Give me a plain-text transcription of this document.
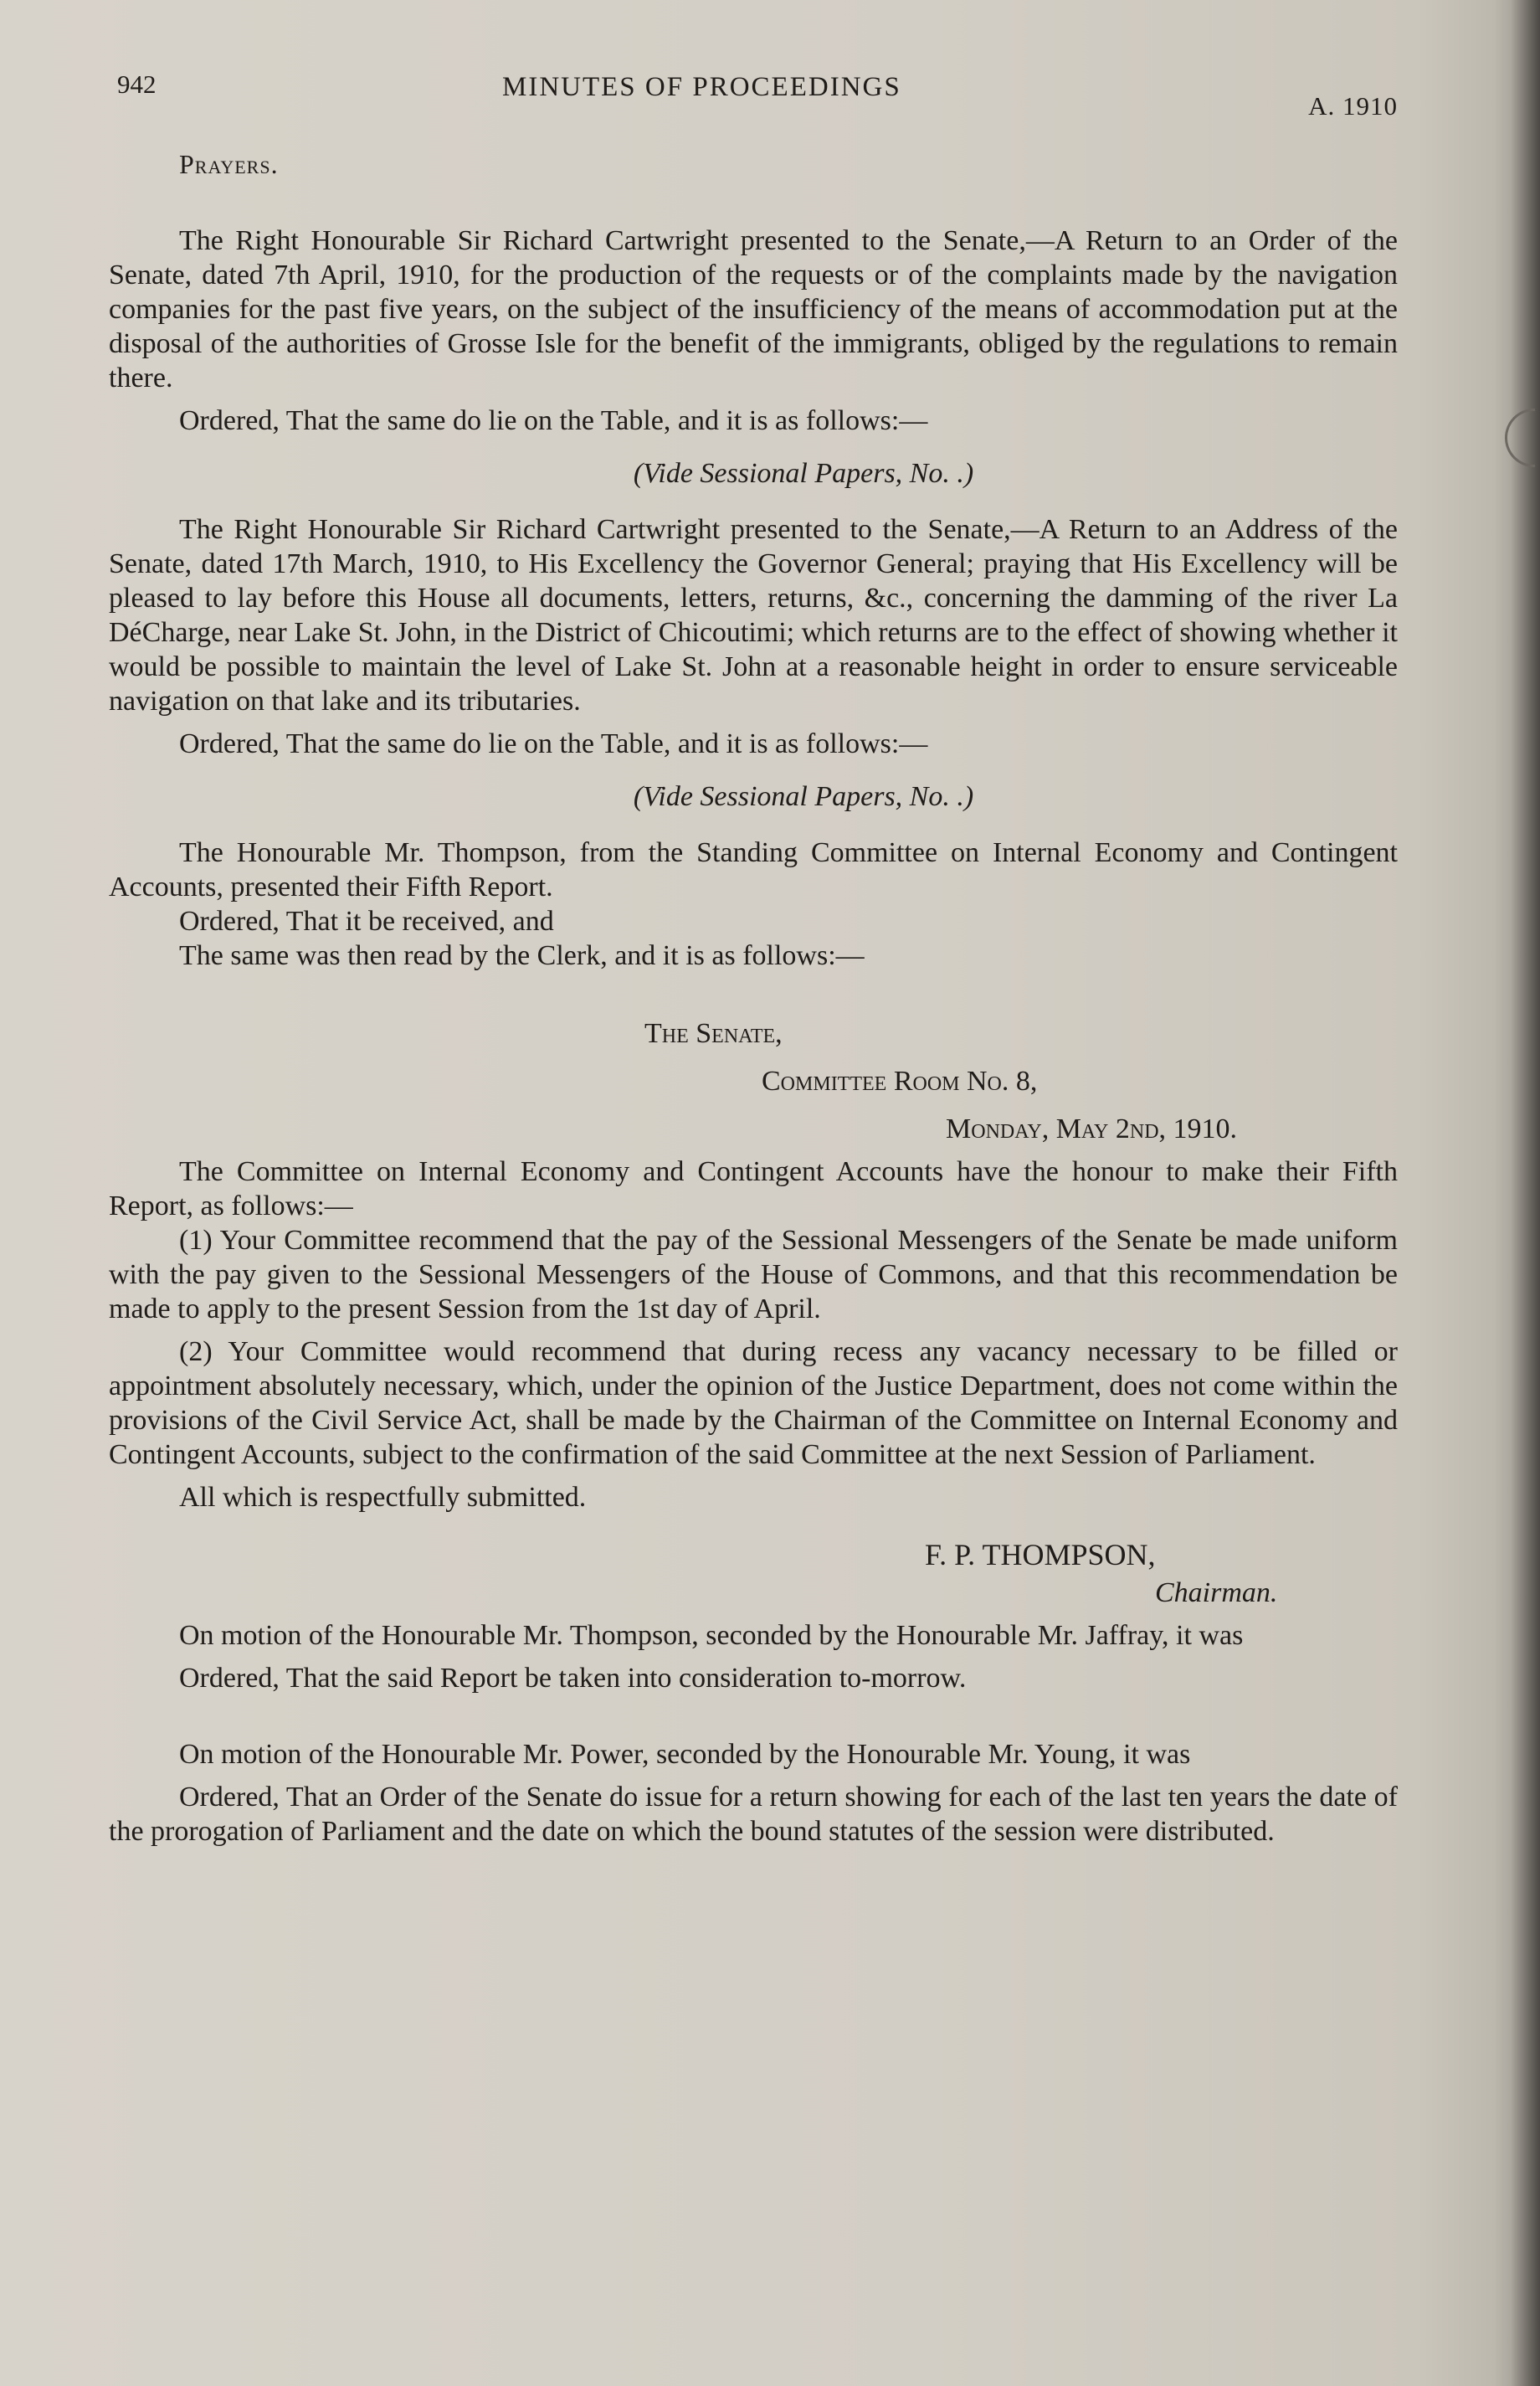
942	MINUTES OF PROCEEDINGS
A. 1910
Prayers.

The Right Honourable Sir Richard Cartwright presented to the Senate,—A Return to an Order of the Senate, dated 7th April, 1910, for the production of the requests or of the complaints made by the navigation companies for the past five years, on the subject of the insufficiency of the means of accommodation put at the disposal of the authorities of Grosse Isle for the benefit of the immigrants, obliged by the regulations to remain there.

Ordered, That the same do lie on the Table, and it is as follows:—

(Vide Sessional Papers, No. .)

The Right Honourable Sir Richard Cartwright presented to the Senate,—A Return to an Address of the Senate, dated 17th March, 1910, to His Excellency the Governor General; praying that His Excellency will be pleased to lay before this House all documents, letters, returns, &c., concerning the damming of the river La DéCharge, near Lake St. John, in the District of Chicoutimi; which returns are to the effect of showing whether it would be possible to maintain the level of Lake St. John at a reasonable height in order to ensure serviceable navigation on that lake and its tributaries.

Ordered, That the same do lie on the Table, and it is as follows:—

(Vide Sessional Papers, No. .)

The Honourable Mr. Thompson, from the Standing Committee on Internal Economy and Contingent Accounts, presented their Fifth Report.

Ordered, That it be received, and

The same was then read by the Clerk, and it is as follows:—

The Senate,
Committee Room No. 8,
Monday, May 2nd, 1910.

The Committee on Internal Economy and Contingent Accounts have the honour to make their Fifth Report, as follows:—

(1) Your Committee recommend that the pay of the Sessional Messengers of the Senate be made uniform with the pay given to the Sessional Messengers of the House of Commons, and that this recommendation be made to apply to the present Session from the 1st day of April.

(2) Your Committee would recommend that during recess any vacancy necessary to be filled or appointment absolutely necessary, which, under the opinion of the Justice Department, does not come within the provisions of the Civil Service Act, shall be made by the Chairman of the Committee on Internal Economy and Contingent Accounts, subject to the confirmation of the said Committee at the next Session of Parliament.

All which is respectfully submitted.

F. P. THOMPSON,
Chairman.

On motion of the Honourable Mr. Thompson, seconded by the Honourable Mr. Jaffray, it was

Ordered, That the said Report be taken into consideration to-morrow.

On motion of the Honourable Mr. Power, seconded by the Honourable Mr. Young, it was

Ordered, That an Order of the Senate do issue for a return showing for each of the last ten years the date of the prorogation of Parliament and the date on which the bound statutes of the session were distributed.
